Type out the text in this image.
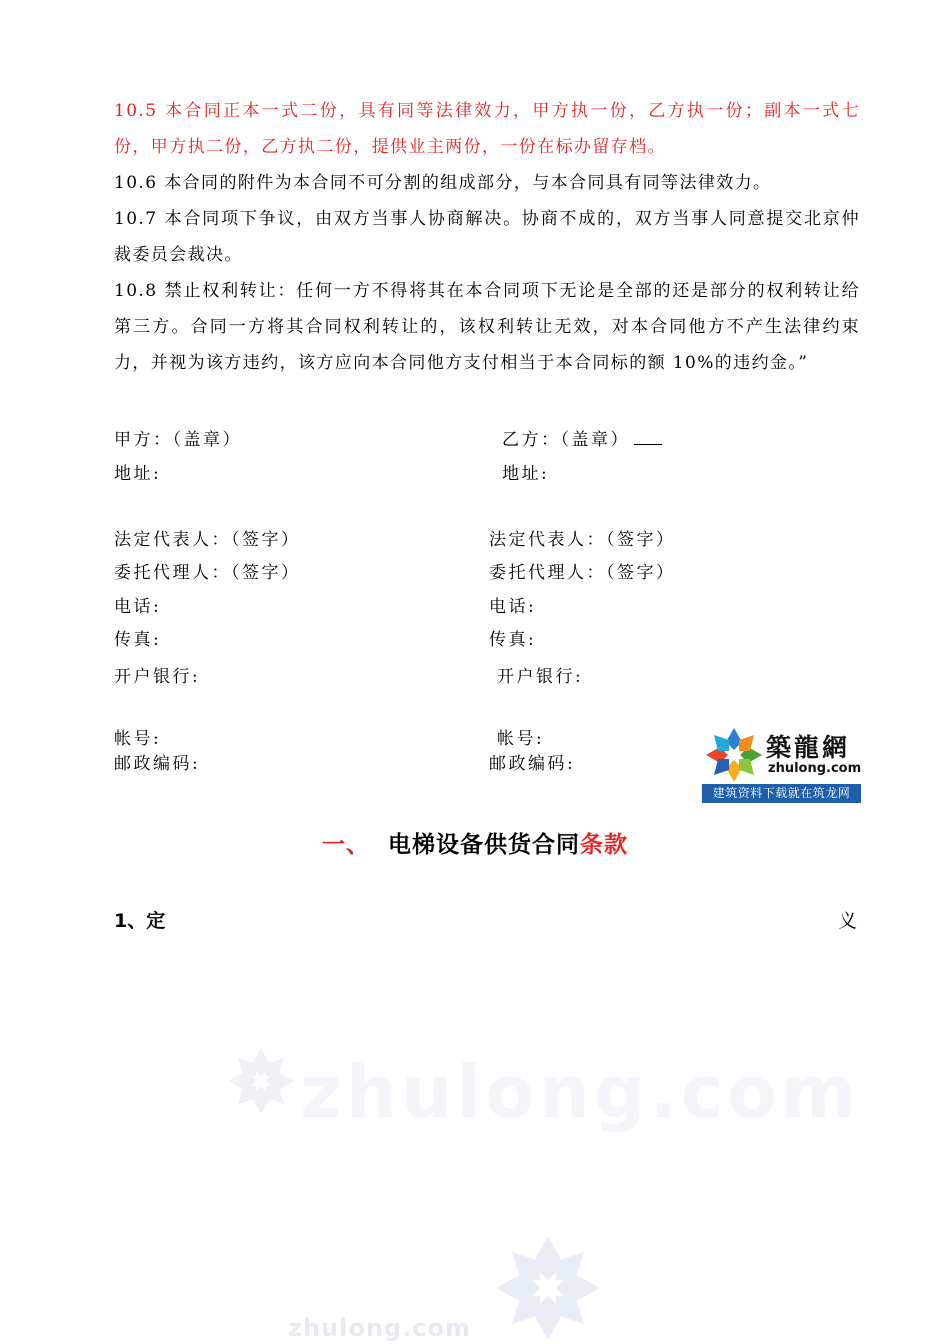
zhulong.com
zhulong.com
10.5 本合同正本一式二份，具有同等法律效力，甲方执一份，乙方执一份；副本一式七份，甲方执二份，乙方执二份，提供业主两份，一份在标办留存档。
10.6 本合同的附件为本合同不可分割的组成部分，与本合同具有同等法律效力。
10.7 本合同项下争议，由双方当事人协商解决。协商不成的，双方当事人同意提交北京仲裁委员会裁决。
10.8 禁止权利转让：任何一方不得将其在本合同项下无论是全部的还是部分的权利转让给第三方。合同一方将其合同权利转让的，该权利转让无效，对本合同他方不产生法律约束力，并视为该方违约，该方应向本合同他方支付相当于本合同标的额 10%的违约金。”
甲方：（盖章）
地址:
法定代表人：（签字）
委托代理人：（签字）
电话:
传真:
开户银行:
帐号:
邮政编码:
乙方：（盖章）
地址:
法定代表人：（签字）
委托代理人：（签字）
电话:
传真:
开户银行:
帐号:
邮政编码:
築龍網
zhulong.com
建筑资料下载就在筑龙网
一、 电梯设备供货合同条款
1、定	义
